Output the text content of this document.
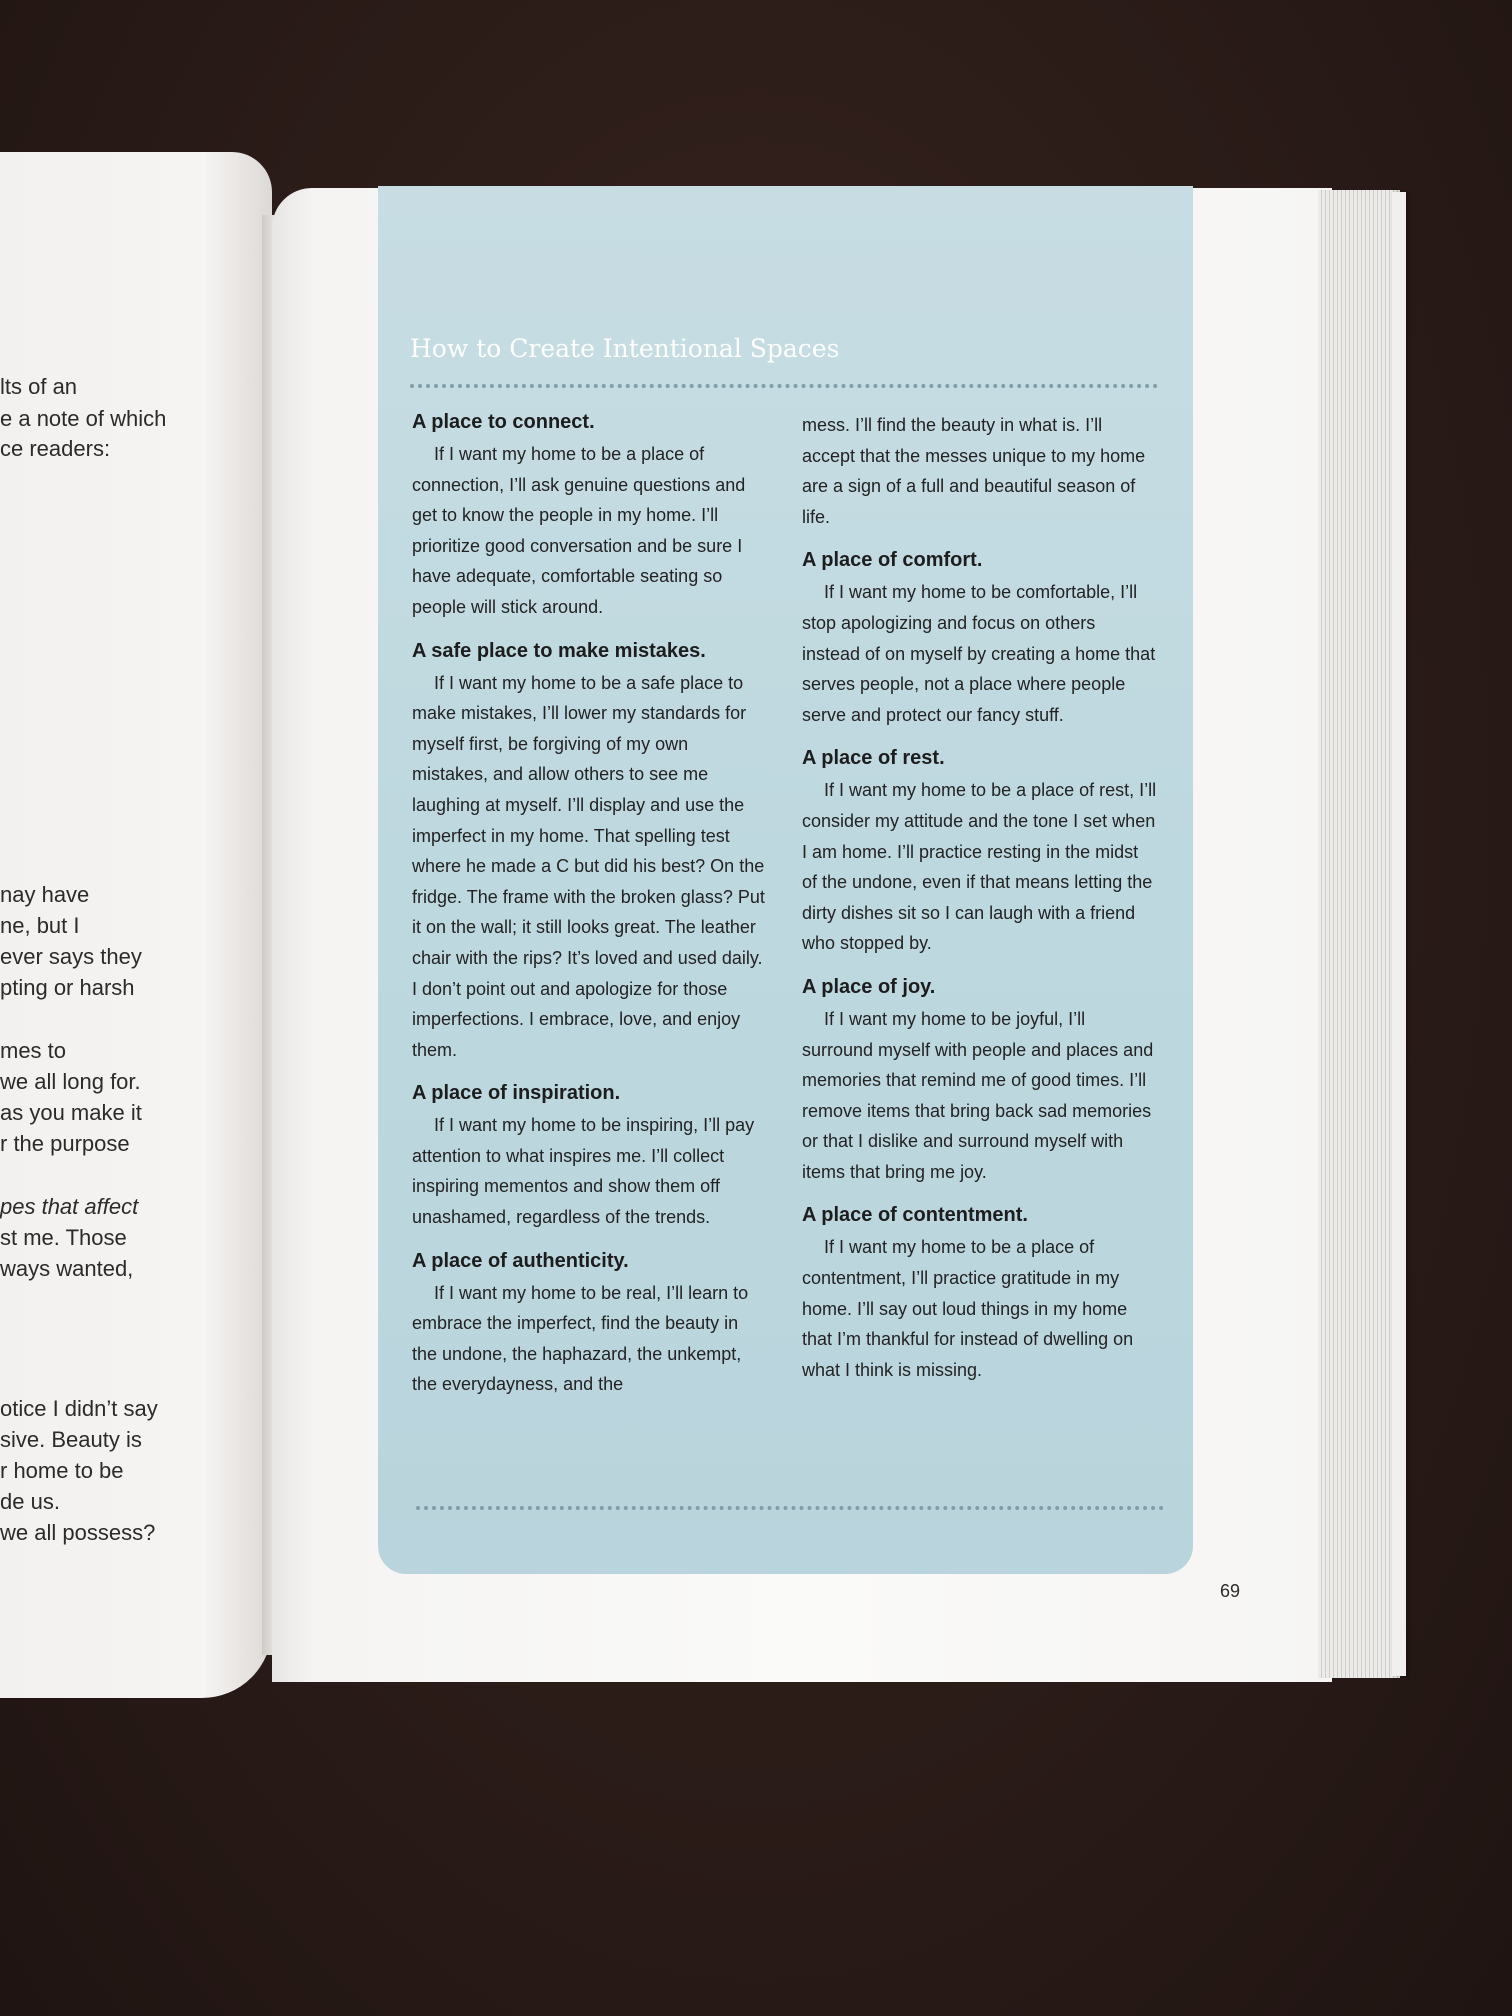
lts of an
e a note of which
ce readers:
nay have
ne, but I
ever says they
pting or harsh
mes to
we all long for.
as you make it
r the purpose
pes that affect
st me. Those
ways wanted,
otice I didn’t say
sive. Beauty is
r home to be
de us.
we all possess?
How to Create Intentional Spaces
A place to connect.

If I want my home to be a place of connection, I’ll ask genuine questions and get to know the people in my home. I’ll prioritize good conversation and be sure I have adequate, comfortable seating so people will stick around.

A safe place to make mistakes.

If I want my home to be a safe place to make mistakes, I’ll lower my standards for myself first, be forgiving of my own mistakes, and allow others to see me laughing at myself. I’ll display and use the imperfect in my home. That spelling test where he made a C but did his best? On the fridge. The frame with the broken glass? Put it on the wall; it still looks great. The leather chair with the rips? It’s loved and used daily. I don’t point out and apologize for those imperfections. I embrace, love, and enjoy them.

A place of inspiration.

If I want my home to be inspiring, I’ll pay attention to what inspires me. I’ll collect inspiring mementos and show them off unashamed, regardless of the trends.

A place of authenticity.

If I want my home to be real, I’ll learn to embrace the imperfect, find the beauty in the undone, the haphazard, the unkempt, the everydayness, and the

mess. I’ll find the beauty in what is. I’ll accept that the messes unique to my home are a sign of a full and beautiful season of life.

A place of comfort.

If I want my home to be comfortable, I’ll stop apologizing and focus on others instead of on myself by creating a home that serves people, not a place where people serve and protect our fancy stuff.

A place of rest.

If I want my home to be a place of rest, I’ll consider my attitude and the tone I set when I am home. I’ll practice resting in the midst of the undone, even if that means letting the dirty dishes sit so I can laugh with a friend who stopped by.

A place of joy.

If I want my home to be joyful, I’ll surround myself with people and places and memories that remind me of good times. I’ll remove items that bring back sad memories or that I dislike and surround myself with items that bring me joy.

A place of contentment.

If I want my home to be a place of contentment, I’ll practice gratitude in my home. I’ll say out loud things in my home that I’m thankful for instead of dwelling on what I think is missing.

69
